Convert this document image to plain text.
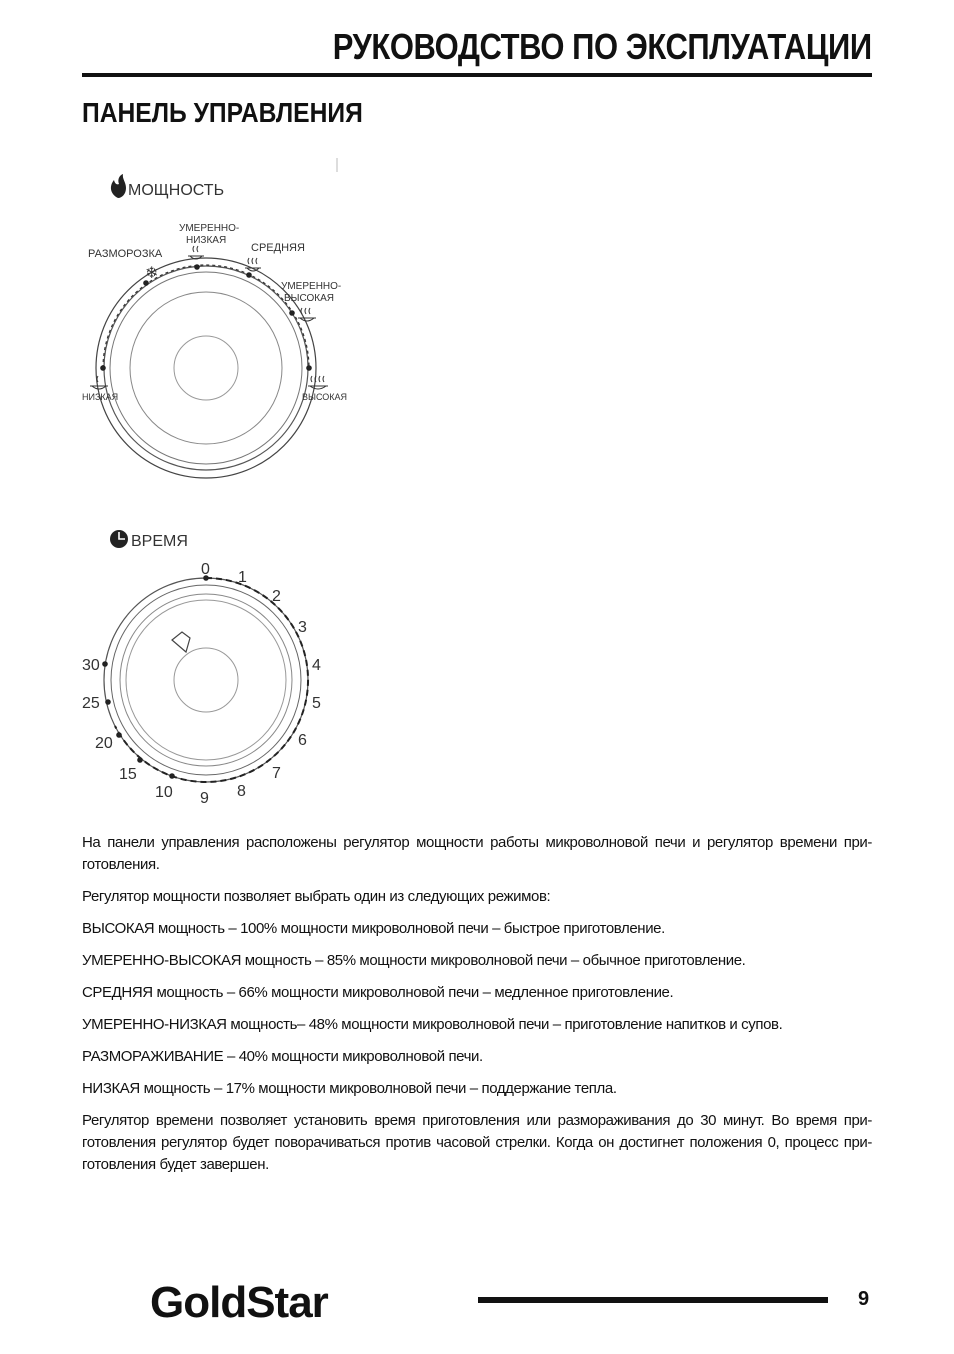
РУКОВОДСТВО ПО ЭКСПЛУАТАЦИИ
ПАНЕЛЬ УПРАВЛЕНИЯ
МОЩНОСТЬ
РАЗМОРОЗКА
❄
УМЕРЕННО-
НИЗКАЯ
СРЕДНЯЯ
УМЕРЕННО-
ВЫСОКАЯ
НИЗКАЯ	ВЫСОКАЯ
ВРЕМЯ
0 1
2
3
4
5
6
7
8
9
10
15
20
25
30

На панели управления расположены регулятор мощности работы микроволновой печи и регулятор времени при-готовления.

Регулятор мощности позволяет выбрать один из следующих режимов:

ВЫСОКАЯ мощность – 100% мощности микроволновой печи – быстрое приготовление.

УМЕРЕННО-ВЫСОКАЯ мощность – 85% мощности микроволновой печи – обычное приготовление.

СРЕДНЯЯ мощность – 66% мощности микроволновой печи – медленное приготовление.

УМЕРЕННО-НИЗКАЯ мощность– 48% мощности микроволновой печи – приготовление напитков и супов.

РАЗМОРАЖИВАНИЕ – 40% мощности микроволновой печи.

НИЗКАЯ мощность – 17% мощности микроволновой печи – поддержание тепла.

Регулятор времени позволяет установить время приготовления или размораживания до 30 минут. Во время при-готовления регулятор будет поворачиваться против часовой стрелки. Когда он достигнет положения 0, процесс при-готовления будет завершен.

GoldStar	9
